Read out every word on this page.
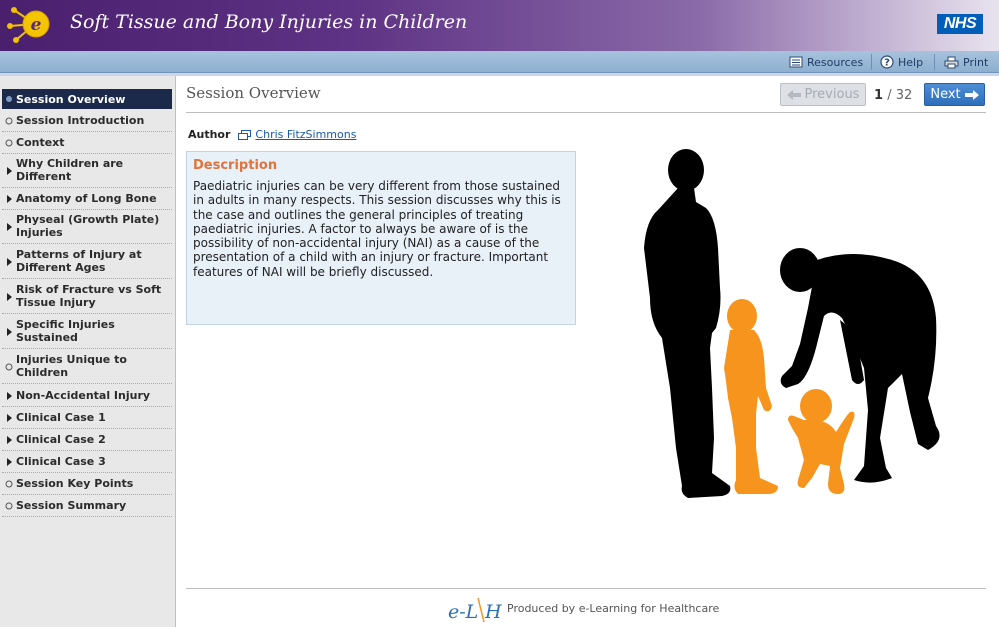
e Soft Tissue and Bony Injuries in Children	NHS
Resources ? Help	Print
Session Overview
Session Introduction
Context
Why Children are Different
Anatomy of Long Bone
Physeal (Growth Plate) Injuries
Patterns of Injury at Different Ages
Risk of Fracture vs Soft Tissue Injury
Specific Injuries Sustained
Injuries Unique to Children
Non-Accidental Injury
Clinical Case 1
Clinical Case 2
Clinical Case 3
Session Key Points
Session Summary
Session Overview	Previous 1 / 32 Next
Author Chris FitzSimmons
Description
Paediatric injuries can be very different from those sustained in adults in many respects. This session discusses why this is the case and outlines the general principles of treating paediatric injuries. A factor to always be aware of is the possibility of non-accidental injury (NAI) as a cause of the presentation of a child with an injury or fracture. Important features of NAI will be briefly discussed.
e-L H Produced by e-Learning for Healthcare
